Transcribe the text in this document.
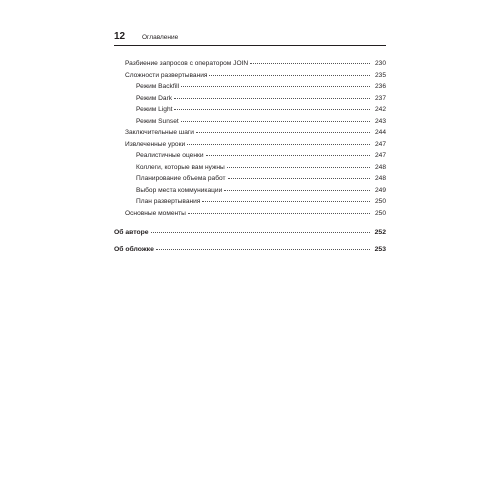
12	Оглавление
Разбиение запросов с оператором JOIN	230
Сложности развертывания	235
Режим Backfill	236
Режим Dark	237
Режим Light	242
Режим Sunset	243
Заключительные шаги	244
Извлеченные уроки	247
Реалистичные оценки	247
Коллеги, которые вам нужны	248
Планирование объема работ	248
Выбор места коммуникации	249
План развертывания	250
Основные моменты	250
Об авторе	252
Об обложке	253
